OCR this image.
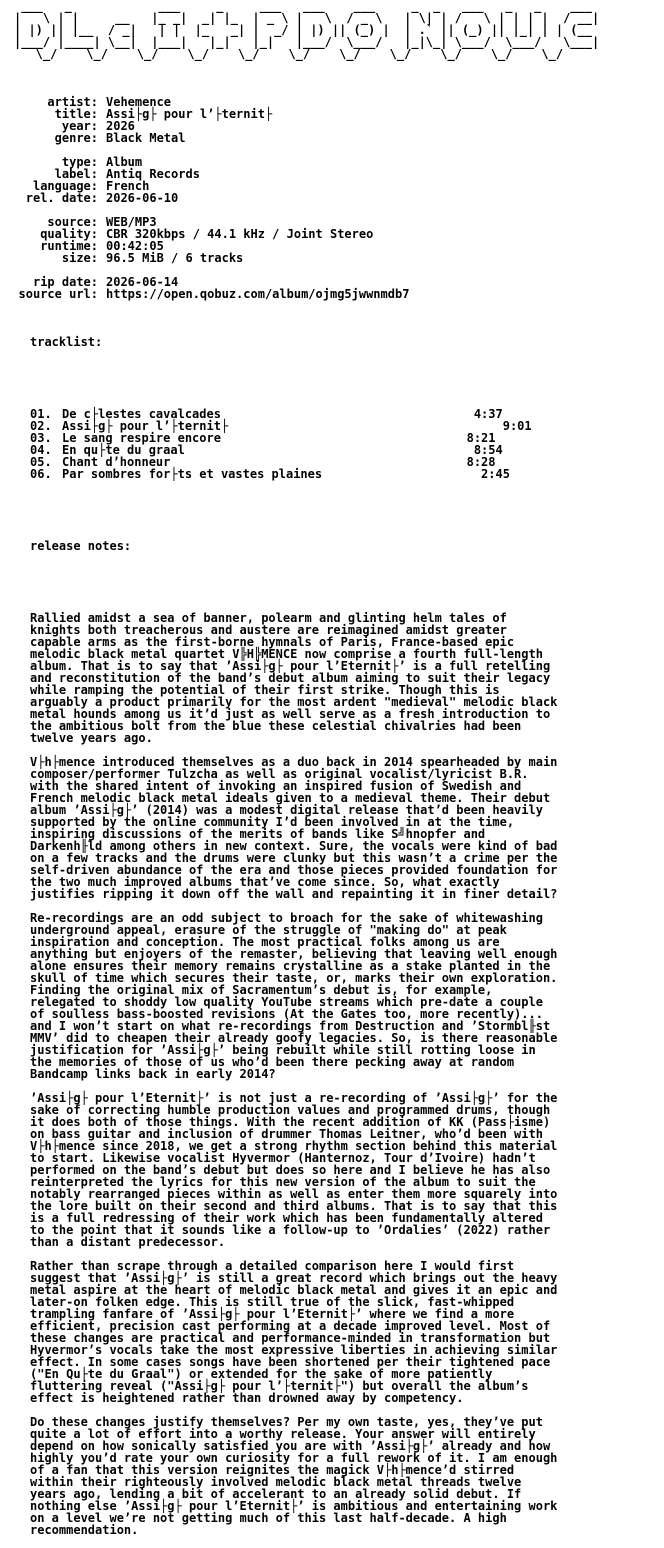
___   _            ___     _     ___   ___    ___     _  _   ___   _   _    ___
|   \ | |     __   |_ _|  _| |_  | _ \ |   \  / _ \   | \| | /   \ | | | |  / __|
| |) || |__  / _|   | |  |_   _| |  _/ | |) || (_) |  | .` || (_) || |_| | | (__
|___/ |____| \__|  |___|   |_|   |_|   |___/  \___/   |_|\_| \___/  \___/   \___|
\_/    \_/    \_/    \_/    \_/    \_/    \_/    \_/    \_/    \_/    \_/

artist: Vehemence
title: Assi├g├ pour l’├ternit├
year: 2026
genre: Black Metal
type: Album
label: Antiq Records
language: French
rel. date: 2026-06-10
source: WEB/MP3
quality: CBR 320kbps / 44.1 kHz / Joint Stereo
runtime: 00:42:05
size: 96.5 MiB / 6 tracks
rip date: 2026-06-14
source url: https://open.qobuz.com/album/ojmg5jwwnmdb7

tracklist:

01. De c├lestes cavalcades
	4:37
02. Assi├g├ pour l’├ternit├
	9:01
03. Le sang respire encore
	8:21
04. En qu├te du graal
	8:54
05. Chant d’honneur
	8:28
06. Par sombres for├ts et vastes plaines
	2:45

release notes:

Rallied amidst a sea of banner, polearm and glinting helm tales of
knights both treacherous and austere are reimagined amidst greater
capable arms as the first-borne hymnals of Paris, France-based epic
melodic black metal quartet V╠H╠MENCE now comprise a fourth full-length
album. That is to say that ’Assi├g├ pour l’Eternit├’ is a full retelling
and reconstitution of the band’s debut album aiming to suit their legacy
while ramping the potential of their first strike. Though this is
arguably a product primarily for the most ardent "medieval" melodic black
metal hounds among us it’d just as well serve as a fresh introduction to
the ambitious bolt from the blue these celestial chivalries had been
twelve years ago.
V├h├mence introduced themselves as a duo back in 2014 spearheaded by main
composer/performer Tulzcha as well as original vocalist/lyricist B.R.
with the shared intent of invoking an inspired fusion of Swedish and
French melodic black metal ideals given to a medieval theme. Their debut
album ’Assi├g├’ (2014) was a modest digital release that’d been heavily
supported by the online community I’d been involved in at the time,
inspiring discussions of the merits of bands like S╝hnopfer and
Darkenh╟ld among others in new context. Sure, the vocals were kind of bad
on a few tracks and the drums were clunky but this wasn’t a crime per the
self-driven abundance of the era and those pieces provided foundation for
the two much improved albums that’ve come since. So, what exactly
justifies ripping it down off the wall and repainting it in finer detail?
Re-recordings are an odd subject to broach for the sake of whitewashing
underground appeal, erasure of the struggle of "making do" at peak
inspiration and conception. The most practical folks among us are
anything but enjoyers of the remaster, believing that leaving well enough
alone ensures their memory remains crystalline as a stake planted in the
skull of time which secures their taste, or, marks their own exploration.
Finding the original mix of Sacramentum’s debut is, for example,
relegated to shoddy low quality YouTube streams which pre-date a couple
of soulless bass-boosted revisions (At the Gates too, more recently)...
and I won’t start on what re-recordings from Destruction and ’Stormbl╟st
MMV’ did to cheapen their already goofy legacies. So, is there reasonable
justification for ’Assi├g├’ being rebuilt while still rotting loose in
the memories of those of us who’d been there pecking away at random
Bandcamp links back in early 2014?
’Assi├g├ pour l’Eternit├’ is not just a re-recording of ’Assi├g├’ for the
sake of correcting humble production values and programmed drums, though
it does both of those things. With the recent addition of KK (Pass├isme)
on bass guitar and inclusion of drummer Thomas Leitner, who’d been with
V├h├mence since 2018, we get a strong rhythm section behind this material
to start. Likewise vocalist Hyvermor (Hanternoz, Tour d’Ivoire) hadn’t
performed on the band’s debut but does so here and I believe he has also
reinterpreted the lyrics for this new version of the album to suit the
notably rearranged pieces within as well as enter them more squarely into
the lore built on their second and third albums. That is to say that this
is a full redressing of their work which has been fundamentally altered
to the point that it sounds like a follow-up to ’Ordalies’ (2022) rather
than a distant predecessor.
Rather than scrape through a detailed comparison here I would first
suggest that ’Assi├g├’ is still a great record which brings out the heavy
metal aspire at the heart of melodic black metal and gives it an epic and
later-on folken edge. This is still true of the slick, fast-whipped
trampling fanfare of ’Assi├g├ pour l’Eternit├’ where we find a more
efficient, precision cast performing at a decade improved level. Most of
these changes are practical and performance-minded in transformation but
Hyvermor’s vocals take the most expressive liberties in achieving similar
effect. In some cases songs have been shortened per their tightened pace
("En Qu├te du Graal") or extended for the sake of more patiently
fluttering reveal ("Assi├g├ pour l’├ternit├") but overall the album’s
effect is heightened rather than drowned away by competency.
Do these changes justify themselves? Per my own taste, yes, they’ve put
quite a lot of effort into a worthy release. Your answer will entirely
depend on how sonically satisfied you are with ’Assi├g├’ already and how
highly you’d rate your own curiosity for a full rework of it. I am enough
of a fan that this version reignites the magick V├h├mence’d stirred
within their righteously involved melodic black metal threads twelve
years ago, lending a bit of accelerant to an already solid debut. If
nothing else ’Assi├g├ pour l’Eternit├’ is ambitious and entertaining work
on a level we’re not getting much of this last half-decade. A high
recommendation.
